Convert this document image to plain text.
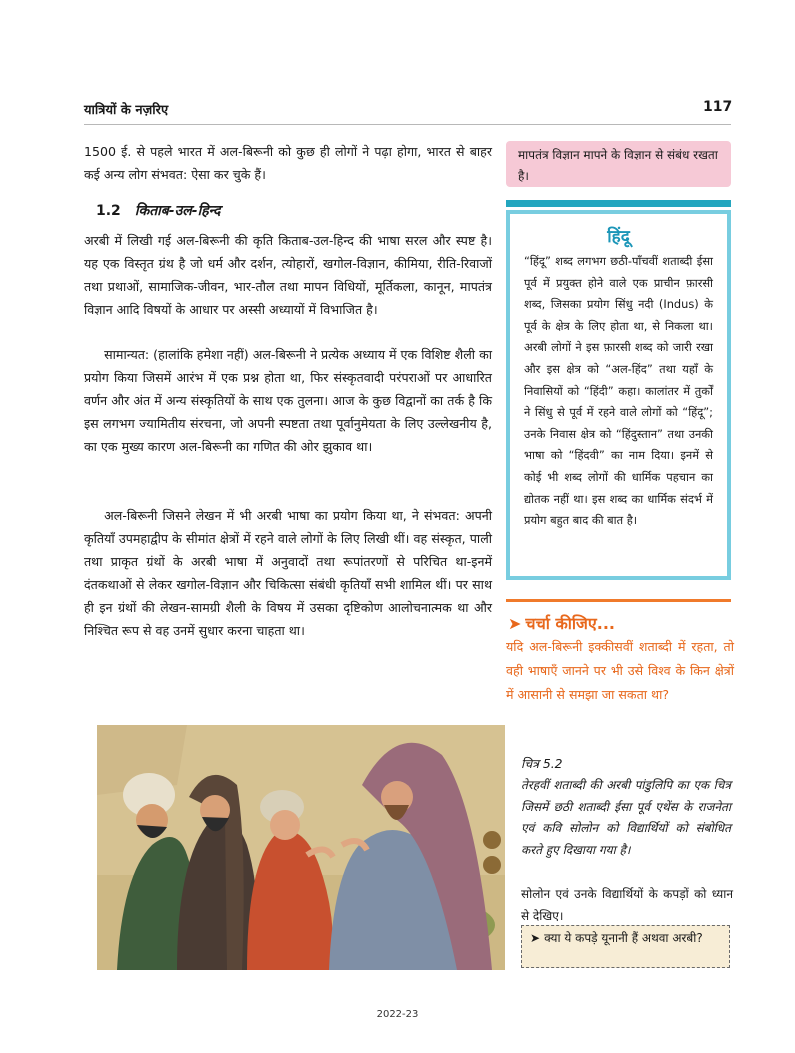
यात्रियों के नज़रिए	117
1500 ई. से पहले भारत में अल-बिरूनी को कुछ ही लोगों ने पढ़ा होगा, भारत से बाहर कई अन्य लोग संभवत: ऐसा कर चुके हैं।
1.2 किताब-उल-हिन्द
अरबी में लिखी गई अल-बिरूनी की कृति किताब-उल-हिन्द की भाषा सरल और स्पष्ट है। यह एक विस्तृत ग्रंथ है जो धर्म और दर्शन, त्योहारों, खगोल-विज्ञान, कीमिया, रीति-रिवाजों तथा प्रथाओं, सामाजिक-जीवन, भार-तौल तथा मापन विधियों, मूर्तिकला, कानून, मापतंत्र विज्ञान आदि विषयों के आधार पर अस्सी अध्यायों में विभाजित है।
सामान्यत: (हालांकि हमेशा नहीं) अल-बिरूनी ने प्रत्येक अध्याय में एक विशिष्ट शैली का प्रयोग किया जिसमें आरंभ में एक प्रश्न होता था, फिर संस्कृतवादी परंपराओं पर आधारित वर्णन और अंत में अन्य संस्कृतियों के साथ एक तुलना। आज के कुछ विद्वानों का तर्क है कि इस लगभग ज्यामितीय संरचना, जो अपनी स्पष्टता तथा पूर्वानुमेयता के लिए उल्लेखनीय है, का एक मुख्य कारण अल-बिरूनी का गणित की ओर झुकाव था।
अल-बिरूनी जिसने लेखन में भी अरबी भाषा का प्रयोग किया था, ने संभवत: अपनी कृतियाँ उपमहाद्वीप के सीमांत क्षेत्रों में रहने वाले लोगों के लिए लिखी थीं। वह संस्कृत, पाली तथा प्राकृत ग्रंथों के अरबी भाषा में अनुवादों तथा रूपांतरणों से परिचित था-इनमें दंतकथाओं से लेकर खगोल-विज्ञान और चिकित्सा संबंधी कृतियाँ सभी शामिल थीं। पर साथ ही इन ग्रंथों की लेखन-सामग्री शैली के विषय में उसका दृष्टिकोण आलोचनात्मक था और निश्चित रूप से वह उनमें सुधार करना चाहता था।
मापतंत्र विज्ञान मापने के विज्ञान से संबंध रखता है।
हिंदू
“हिंदू” शब्द लगभग छठी-पाँचवीं शताब्दी ईसा पूर्व में प्रयुक्त होने वाले एक प्राचीन फ़ारसी शब्द, जिसका प्रयोग सिंधु नदी (Indus) के पूर्व के क्षेत्र के लिए होता था, से निकला था। अरबी लोगों ने इस फ़ारसी शब्द को जारी रखा और इस क्षेत्र को “अल-हिंद” तथा यहाँ के निवासियों को “हिंदी” कहा। कालांतर में तुर्कों ने सिंधु से पूर्व में रहने वाले लोगों को “हिंदू”; उनके निवास क्षेत्र को “हिंदुस्तान” तथा उनकी भाषा को “हिंदवी” का नाम दिया। इनमें से कोई भी शब्द लोगों की धार्मिक पहचान का द्योतक नहीं था। इस शब्द का धार्मिक संदर्भ में प्रयोग बहुत बाद की बात है।
➤ चर्चा कीजिए...
यदि अल-बिरूनी इक्कीसवीं शताब्दी में रहता, तो वही भाषाएँ जानने पर भी उसे विश्व के किन क्षेत्रों में आसानी से समझा जा सकता था?
चित्र 5.2
तेरहवीं शताब्दी की अरबी पांडुलिपि का एक चित्र जिसमें छठी शताब्दी ईसा पूर्व एथेंस के राजनेता एवं कवि सोलोन को विद्यार्थियों को संबोधित करते हुए दिखाया गया है।
सोलोन एवं उनके विद्यार्थियों के कपड़ों को ध्यान से देखिए।
➤ क्या ये कपड़े यूनानी हैं अथवा अरबी?
2022-23
